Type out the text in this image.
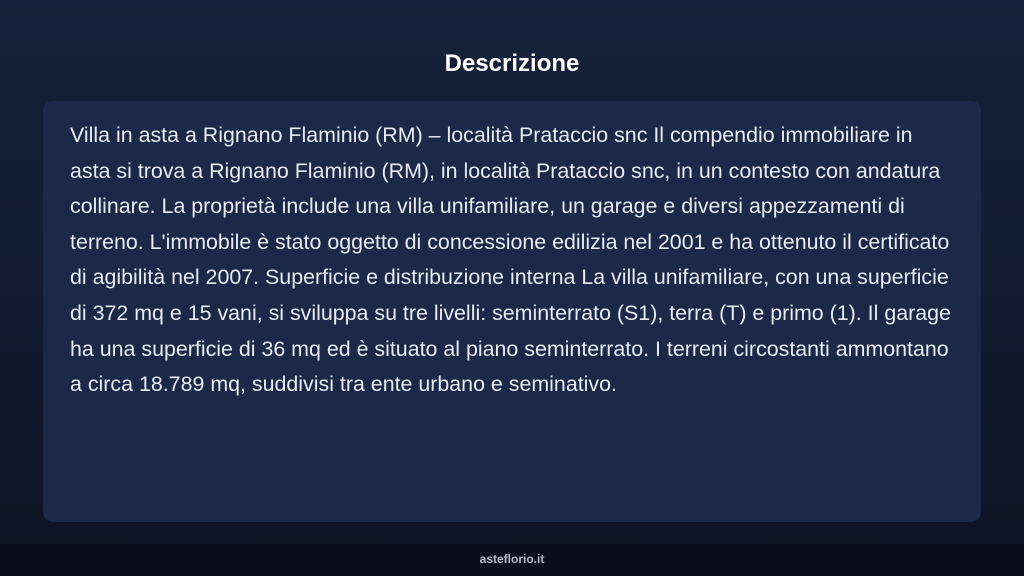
Descrizione

Villa in asta a Rignano Flaminio (RM) – località Prataccio snc Il compendio immobiliare in asta si trova a Rignano Flaminio (RM), in località Prataccio snc, in un contesto con andatura collinare. La proprietà include una villa unifamiliare, un garage e diversi appezzamenti di terreno. L'immobile è stato oggetto di concessione edilizia nel 2001 e ha ottenuto il certificato di agibilità nel 2007. Superficie e distribuzione interna La villa unifamiliare, con una superficie di 372 mq e 15 vani, si sviluppa su tre livelli: seminterrato (S1), terra (T) e primo (1). Il garage ha una superficie di 36 mq ed è situato al piano seminterrato. I terreni circostanti ammontano a circa 18.789 mq, suddivisi tra ente urbano e seminativo.

asteflorio.it
